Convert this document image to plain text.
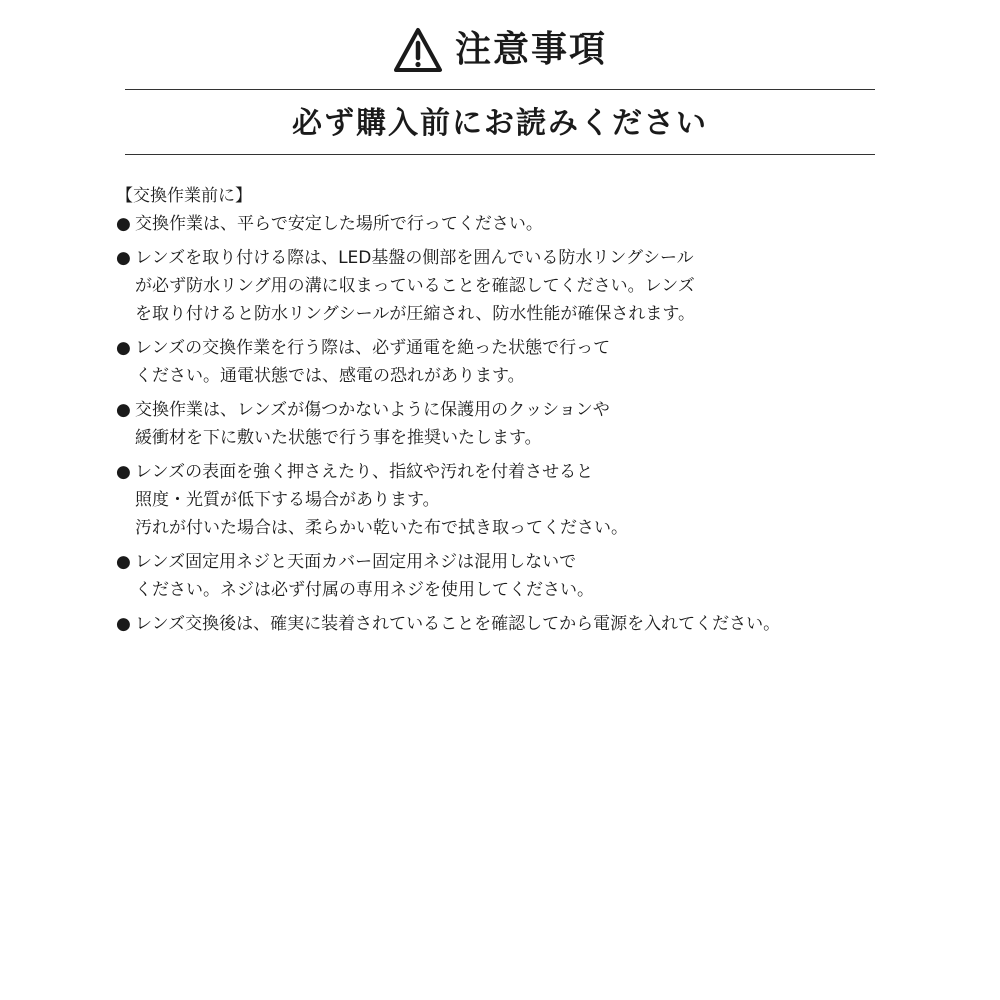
注意事項
必ず購入前にお読みください
【交換作業前に】
● 交換作業は、平らで安定した場所で行ってください。
● レンズを取り付ける際は、LED基盤の側部を囲んでいる防水リングシール
が必ず防水リング用の溝に収まっていることを確認してください。レンズ
を取り付けると防水リングシールが圧縮され、防水性能が確保されます。
● レンズの交換作業を行う際は、必ず通電を絶った状態で行って
ください。通電状態では、感電の恐れがあります。
● 交換作業は、レンズが傷つかないように保護用のクッションや
緩衝材を下に敷いた状態で行う事を推奨いたします。
● レンズの表面を強く押さえたり、指紋や汚れを付着させると
照度・光質が低下する場合があります。
汚れが付いた場合は、柔らかい乾いた布で拭き取ってください。
● レンズ固定用ネジと天面カバー固定用ネジは混用しないで
ください。ネジは必ず付属の専用ネジを使用してください。
● レンズ交換後は、確実に装着されていることを確認してから電源を入れてください。
